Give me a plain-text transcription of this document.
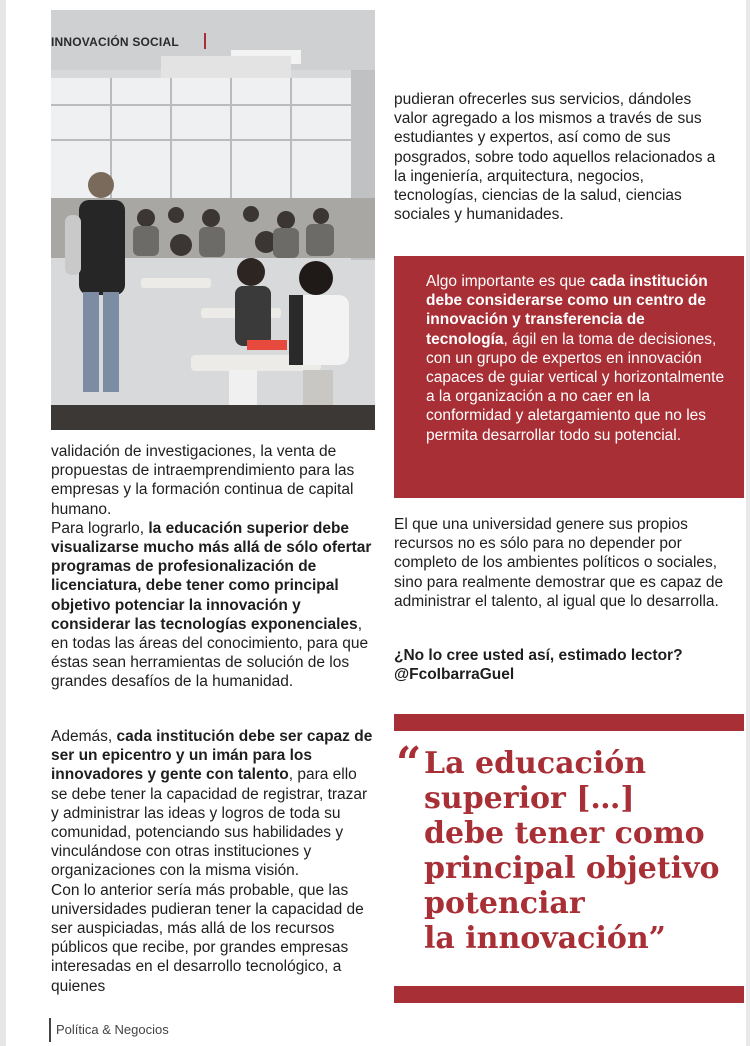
INNOVACIÓN SOCIAL

validación de investigaciones, la venta de propuestas de intraemprendimiento para las empresas y la formación continua de capital humano.

Para lograrlo, la educación superior debe visualizarse mucho más allá de sólo ofertar programas de profesionalización de licenciatura, debe tener como principal objetivo potenciar la innovación y considerar las tecnologías exponenciales, en todas las áreas del conocimiento, para que éstas sean herramientas de solución de los grandes desafíos de la humanidad.

Además, cada institución debe ser capaz de ser un epicentro y un imán para los innovadores y gente con talento, para ello se debe tener la capacidad de registrar, trazar y administrar las ideas y logros de toda su comunidad, potenciando sus habilidades y vinculándose con otras instituciones y organizaciones con la misma visión.

Con lo anterior sería más probable, que las universidades pudieran tener la capacidad de ser auspiciadas, más allá de los recursos públicos que recibe, por grandes empresas interesadas en el desarrollo tecnológico, a quienes

pudieran ofrecerles sus servicios, dándoles valor agregado a los mismos a través de sus estudiantes y expertos, así como de sus posgrados, sobre todo aquellos relacionados a la ingeniería, arquitectura, negocios, tecnologías, ciencias de la salud, ciencias sociales y humanidades.

Algo importante es que cada institución debe considerarse como un centro de innovación y transferencia de tecnología, ágil en la toma de decisiones, con un grupo de expertos en innovación capaces de guiar vertical y horizontalmente a la organización a no caer en la conformidad y aletargamiento que no les permita desarrollar todo su potencial.

El que una universidad genere sus propios recursos no es sólo para no depender por completo de los ambientes políticos o sociales, sino para realmente demostrar que es capaz de administrar el talento, al igual que lo desarrolla.

¿No lo cree usted así, estimado lector?
@FcoIbarraGuel
“ La educación
superior […]
debe tener como
principal objetivo
potenciar
la innovación”
Política & Negocios
